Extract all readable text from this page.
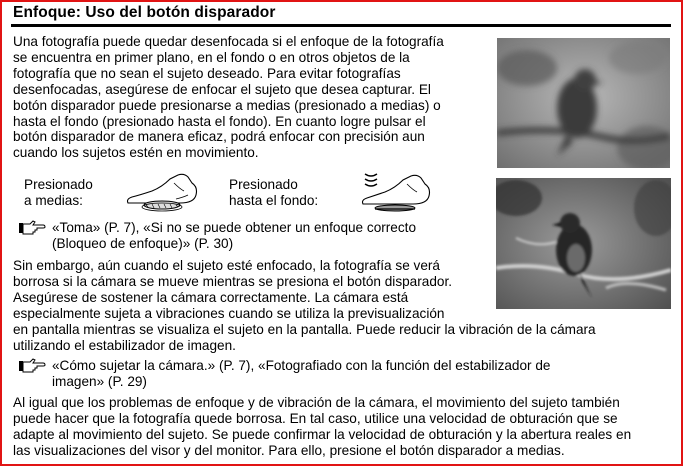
Enfoque: Uso del botón disparador

Una fotografía puede quedar desenfocada si el enfoque de la fotografía
se encuentra en primer plano, en el fondo o en otros objetos de la
fotografía que no sean el sujeto deseado. Para evitar fotografías
desenfocadas, asegúrese de enfocar el sujeto que desea capturar. El
botón disparador puede presionarse a medias (presionado a medias) o
hasta el fondo (presionado hasta el fondo). En cuanto logre pulsar el
botón disparador de manera eficaz, podrá enfocar con precisión aun
cuando los sujetos estén en movimiento.

Presionado
a medias:
Presionado
hasta el fondo:
«Toma» (P. 7), «Si no se puede obtener un enfoque correcto
(Bloqueo de enfoque)» (P. 30)

Sin embargo, aún cuando el sujeto esté enfocado, la fotografía se verá
borrosa si la cámara se mueve mientras se presiona el botón disparador.
Asegúrese de sostener la cámara correctamente. La cámara está
especialmente sujeta a vibraciones cuando se utiliza la previsualización
en pantalla mientras se visualiza el sujeto en la pantalla. Puede reducir la vibración de la cámara
utilizando el estabilizador de imagen.

«Cómo sujetar la cámara.» (P. 7), «Fotografiado con la función del estabilizador de
imagen» (P. 29)

Al igual que los problemas de enfoque y de vibración de la cámara, el movimiento del sujeto también
puede hacer que la fotografía quede borrosa. En tal caso, utilice una velocidad de obturación que se
adapte al movimiento del sujeto. Se puede confirmar la velocidad de obturación y la abertura reales en
las visualizaciones del visor y del monitor. Para ello, presione el botón disparador a medias.
